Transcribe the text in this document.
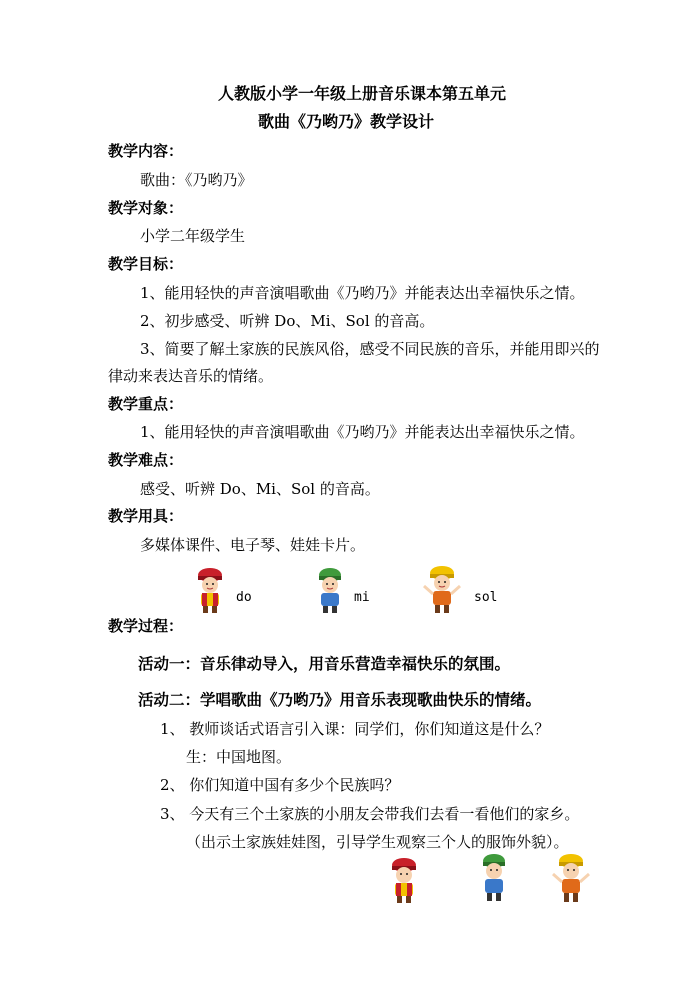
人教版小学一年级上册音乐课本第五单元
歌曲《乃哟乃》教学设计
教学内容：
歌曲：《乃哟乃》
教学对象：
小学二年级学生
教学目标：
1、能用轻快的声音演唱歌曲《乃哟乃》并能表达出幸福快乐之情。
2、初步感受、听辨 Do、Mi、Sol 的音高。
3、简要了解土家族的民族风俗，感受不同民族的音乐，并能用即兴的
律动来表达音乐的情绪。
教学重点：
1、能用轻快的声音演唱歌曲《乃哟乃》并能表达出幸福快乐之情。
教学难点：
感受、听辨 Do、Mi、Sol 的音高。
教学用具：
多媒体课件、电子琴、娃娃卡片。
do	mi	sol
教学过程：
活动一：音乐律动导入，用音乐营造幸福快乐的氛围。
活动二：学唱歌曲《乃哟乃》用音乐表现歌曲快乐的情绪。
1、 教师谈话式语言引入课：同学们，你们知道这是什么？
生：中国地图。
2、 你们知道中国有多少个民族吗？
3、 今天有三个土家族的小朋友会带我们去看一看他们的家乡。
（出示土家族娃娃图，引导学生观察三个人的服饰外貌）。
